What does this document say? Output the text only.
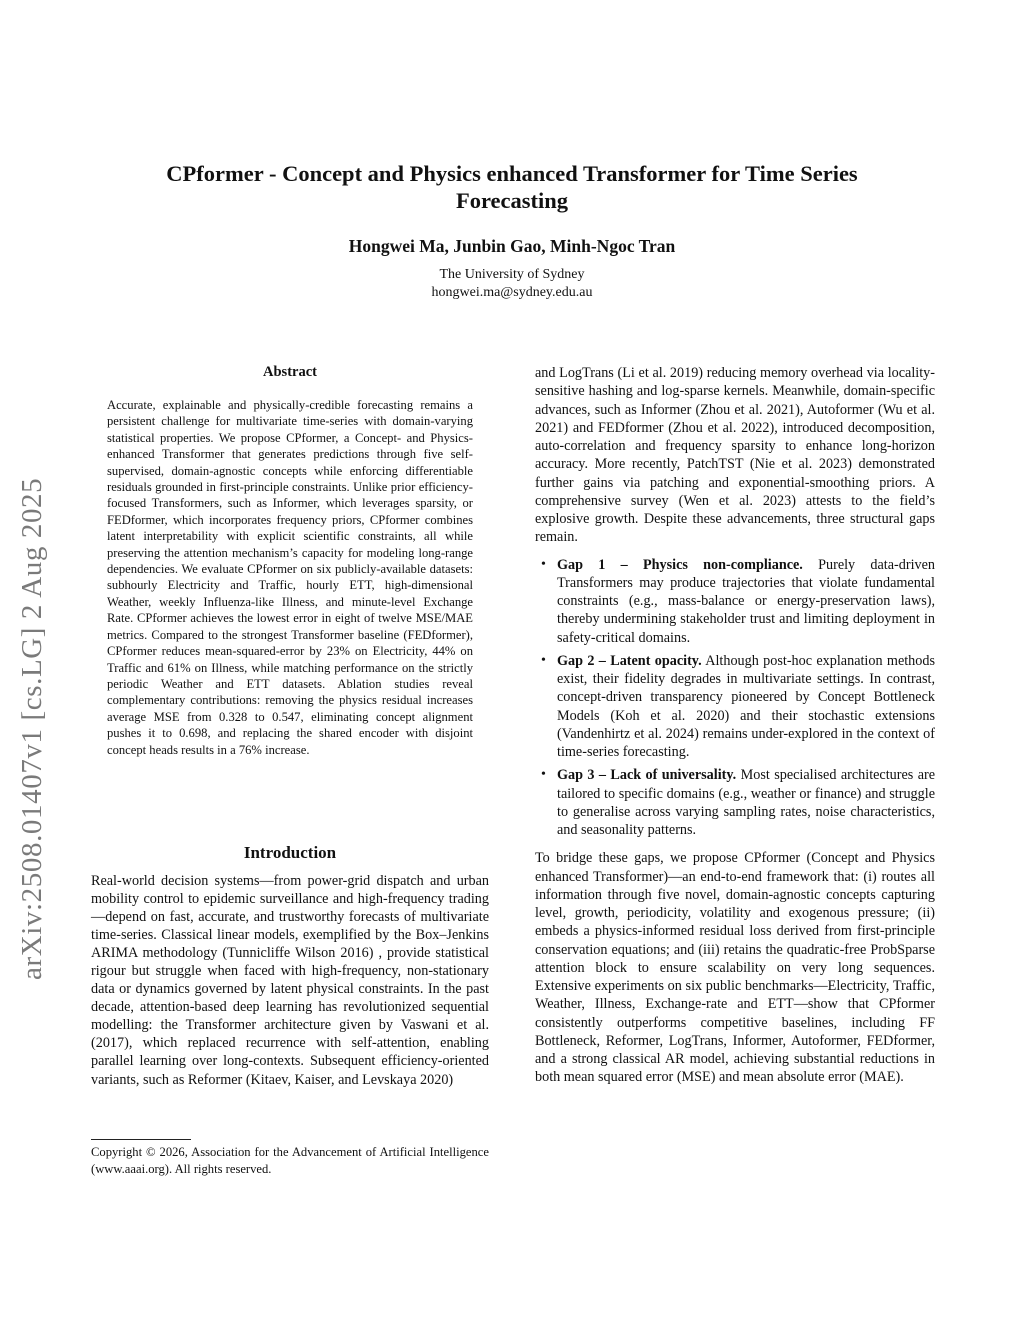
arXiv:2508.01407v1 [cs.LG] 2 Aug 2025
CPformer - Concept and Physics enhanced Transformer for Time Series Forecasting
Hongwei Ma, Junbin Gao, Minh-Ngoc Tran
The University of Sydney
hongwei.ma@sydney.edu.au
Abstract
Accurate, explainable and physically-credible forecasting remains a persistent challenge for multivariate time-series with domain-varying statistical properties. We propose CPformer, a Concept- and Physics-enhanced Transformer that generates predictions through five self-supervised, domain-agnostic concepts while enforcing differentiable residuals grounded in first-principle constraints. Unlike prior efficiency-focused Transformers, such as Informer, which leverages sparsity, or FEDformer, which incorporates frequency priors, CPformer combines latent interpretability with explicit scientific constraints, all while preserving the attention mechanism’s capacity for modeling long-range dependencies. We evaluate CPformer on six publicly-available datasets: subhourly Electricity and Traffic, hourly ETT, high-dimensional Weather, weekly Influenza-like Illness, and minute-level Exchange Rate. CPformer achieves the lowest error in eight of twelve MSE/MAE metrics. Compared to the strongest Transformer baseline (FEDformer), CPformer reduces mean-squared-error by 23% on Electricity, 44% on Traffic and 61% on Illness, while matching performance on the strictly periodic Weather and ETT datasets. Ablation studies reveal complementary contributions: removing the physics residual increases average MSE from 0.328 to 0.547, eliminating concept alignment pushes it to 0.698, and replacing the shared encoder with disjoint concept heads results in a 76% increase.
Introduction
Real-world decision systems—from power-grid dispatch and urban mobility control to epidemic surveillance and high-frequency trading—depend on fast, accurate, and trustworthy forecasts of multivariate time-series. Classical linear models, exemplified by the Box–Jenkins ARIMA methodology (Tunnicliffe Wilson 2016) , provide statistical rigour but struggle when faced with high-frequency, non-stationary data or dynamics governed by latent physical constraints. In the past decade, attention-based deep learning has revolutionized sequential modelling: the Transformer architecture given by Vaswani et al. (2017), which replaced recurrence with self-attention, enabling parallel learning over long-contexts. Subsequent efficiency-oriented variants, such as Reformer (Kitaev, Kaiser, and Levskaya 2020)
Copyright © 2026, Association for the Advancement of Artificial Intelligence (www.aaai.org). All rights reserved.

and LogTrans (Li et al. 2019) reducing memory overhead via locality-sensitive hashing and log-sparse kernels. Meanwhile, domain-specific advances, such as Informer (Zhou et al. 2021), Autoformer (Wu et al. 2021) and FEDformer (Zhou et al. 2022), introduced decomposition, auto-correlation and frequency sparsity to enhance long-horizon accuracy. More recently, PatchTST (Nie et al. 2023) demonstrated further gains via patching and exponential-smoothing priors. A comprehensive survey (Wen et al. 2023) attests to the field’s explosive growth. Despite these advancements, three structural gaps remain.

• Gap 1 – Physics non-compliance. Purely data-driven Transformers may produce trajectories that violate fundamental constraints (e.g., mass-balance or energy-preservation laws), thereby undermining stakeholder trust and limiting deployment in safety-critical domains.
• Gap 2 – Latent opacity. Although post-hoc explanation methods exist, their fidelity degrades in multivariate settings. In contrast, concept-driven transparency pioneered by Concept Bottleneck Models (Koh et al. 2020) and their stochastic extensions (Vandenhirtz et al. 2024) remains under-explored in the context of time-series forecasting.
• Gap 3 – Lack of universality. Most specialised architectures are tailored to specific domains (e.g., weather or finance) and struggle to generalise across varying sampling rates, noise characteristics, and seasonality patterns.

To bridge these gaps, we propose CPformer (Concept and Physics enhanced Transformer)—an end-to-end framework that: (i) routes all information through five novel, domain-agnostic concepts capturing level, growth, periodicity, volatility and exogenous pressure; (ii) embeds a physics-informed residual loss derived from first-principle conservation equations; and (iii) retains the quadratic-free ProbSparse attention block to ensure scalability on very long sequences. Extensive experiments on six public benchmarks—Electricity, Traffic, Weather, Illness, Exchange-rate and ETT—show that CPformer consistently outperforms competitive baselines, including FF Bottleneck, Reformer, LogTrans, Informer, Autoformer, FEDformer, and a strong classical AR model, achieving substantial reductions in both mean squared error (MSE) and mean absolute error (MAE).
